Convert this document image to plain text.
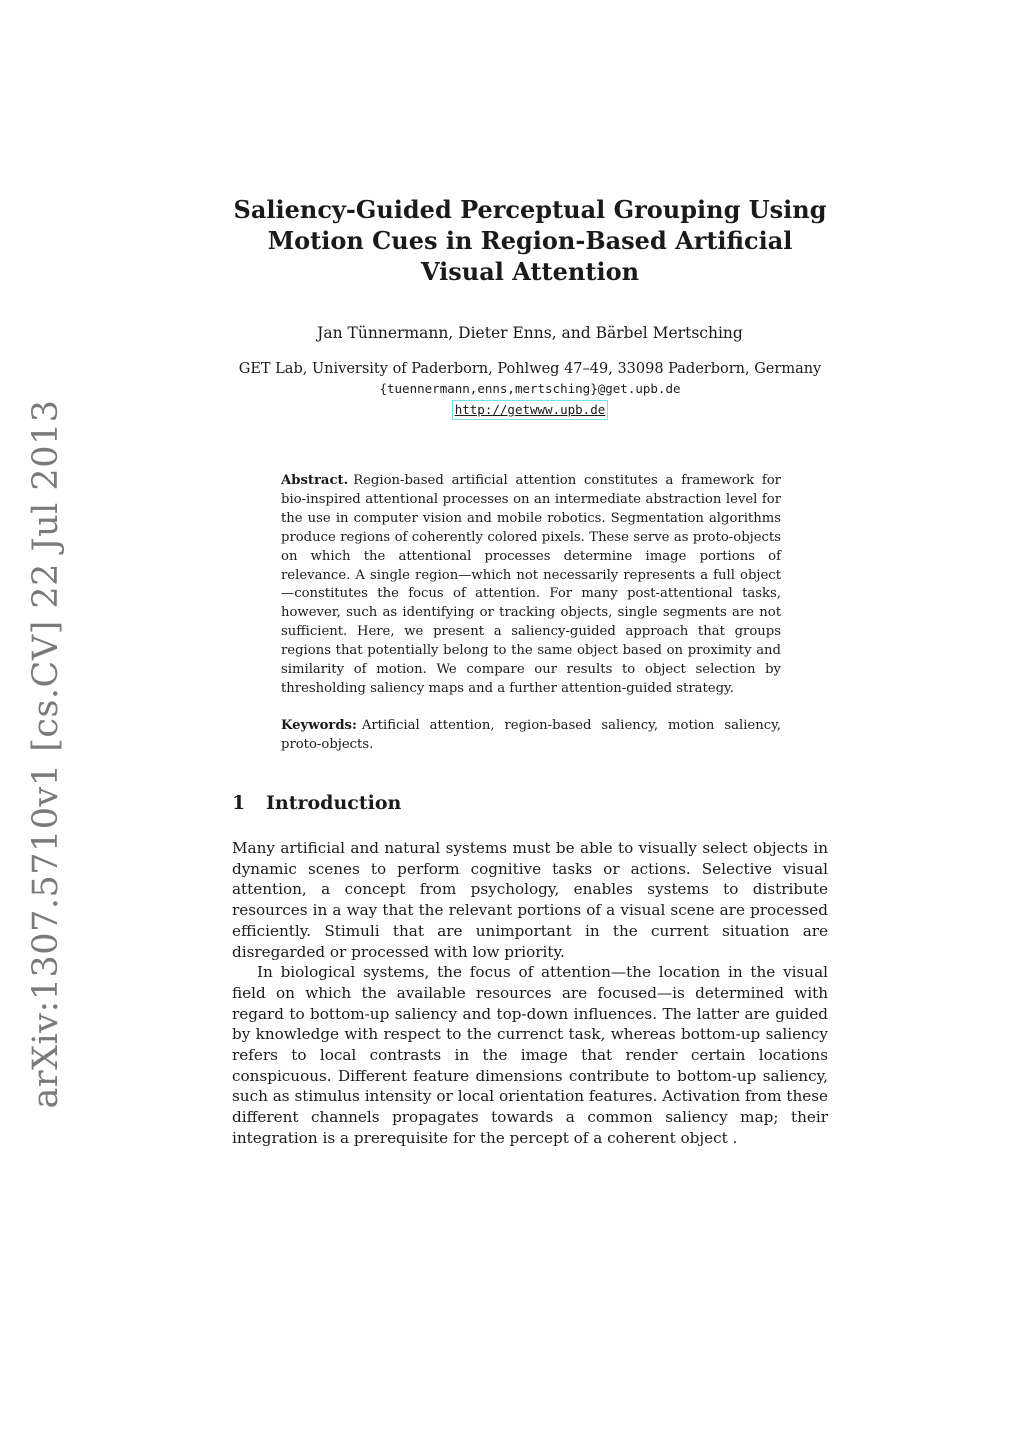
arXiv:1307.5710v1 [cs.CV] 22 Jul 2013
Saliency-Guided Perceptual Grouping Using Motion Cues in Region-Based Artificial Visual Attention
Jan Tünnermann, Dieter Enns, and Bärbel Mertsching
GET Lab, University of Paderborn, Pohlweg 47–49, 33098 Paderborn, Germany
{tuennermann,enns,mertsching}@get.upb.de
http://getwww.upb.de

Abstract. Region-based artificial attention constitutes a framework for bio-inspired attentional processes on an intermediate abstraction level for the use in computer vision and mobile robotics. Segmentation algorithms produce regions of coherently colored pixels. These serve as proto-objects on which the attentional processes determine image portions of relevance. A single region—which not necessarily represents a full object—constitutes the focus of attention. For many post-attentional tasks, however, such as identifying or tracking objects, single segments are not sufficient. Here, we present a saliency-guided approach that groups regions that potentially belong to the same object based on proximity and similarity of motion. We compare our results to object selection by thresholding saliency maps and a further attention-guided strategy.

Keywords: Artificial attention, region-based saliency, motion saliency, proto-objects.

1 Introduction

Many artificial and natural systems must be able to visually select objects in dynamic scenes to perform cognitive tasks or actions. Selective visual attention, a concept from psychology, enables systems to distribute resources in a way that the relevant portions of a visual scene are processed efficiently. Stimuli that are unimportant in the current situation are disregarded or processed with low priority.

In biological systems, the focus of attention—the location in the visual field on which the available resources are focused—is determined with regard to bottom-up saliency and top-down influences. The latter are guided by knowledge with respect to the currenct task, whereas bottom-up saliency refers to local contrasts in the image that render certain locations conspicuous. Different feature dimensions contribute to bottom-up saliency, such as stimulus intensity or local orientation features. Activation from these different channels propagates towards a common saliency map; their integration is a prerequisite for the percept of a coherent object .
